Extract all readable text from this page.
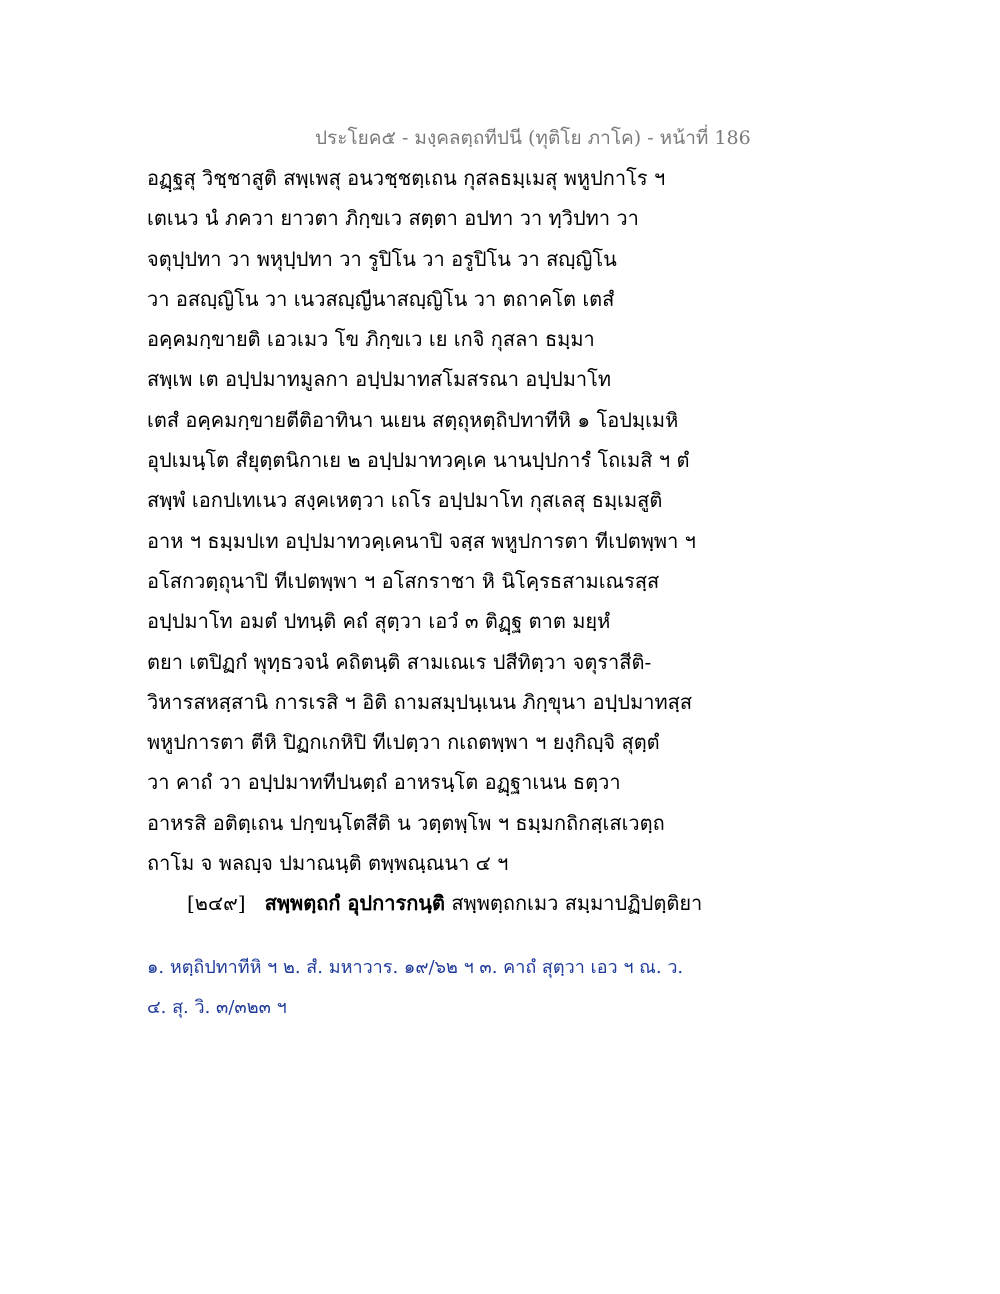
ประโยค๕ - มงฺคลตฺถทีปนี (ทุติโย ภาโค) - หน้าที่ 186
อฏฺฐสุ วิชฺชาสูติ สพฺเพสุ อนวชฺชตฺเถน กุสลธมฺเมสุ พหูปกาโร ฯ
เตเนว นํ ภควา ยาวตา ภิกฺขเว สตฺตา อปทา วา ทฺวิปทา วา
จตุปฺปทา วา พหุปฺปทา วา รูปิโน วา อรูปิโน วา สญฺญิโน
วา อสญฺญิโน วา เนวสญฺญีนาสญฺญิโน วา ตถาคโต เตสํ
อคฺคมกฺขายติ เอวเมว โข ภิกฺขเว เย เกจิ กุสลา ธมฺมา
สพฺเพ เต อปฺปมาทมูลกา อปฺปมาทสโมสรณา อปฺปมาโท
เตสํ อคฺคมกฺขายตีติอาทินา นเยน สตฺถุหตฺถิปทาทีหิ ๑ โอปมฺเมหิ
อุปเมนฺโต สํยุตฺตนิกาเย ๒ อปฺปมาทวคฺเค นานปฺปการํ โถเมสิ ฯ ตํ
สพฺพํ เอกปเทเนว สงฺคเหตฺวา เถโร อปฺปมาโท กุสเลสุ ธมฺเมสูติ
อาห ฯ ธมฺมปเท อปฺปมาทวคฺเคนาปิ จสฺส พหูปการตา ทีเปตพฺพา ฯ
อโสกวตฺถุนาปิ ทีเปตพฺพา ฯ อโสกราชา หิ นิโคฺรธสามเณรสฺส
อปฺปมาโท อมตํ ปทนฺติ คถํ สุตฺวา เอวํ ๓ ติฏฺฐ ตาต มยฺหํ
ตยา เตปิฏกํ พุทฺธวจนํ คถิตนฺติ สามเณเร ปสีทิตฺวา จตุราสีติ-
วิหารสหสฺสานิ การเรสิ ฯ อิติ ถามสมฺปนฺเนน ภิกฺขุนา อปฺปมาทสฺส
พหูปการตา ตีหิ ปิฏกเกหิปิ ทีเปตฺวา กเถตพฺพา ฯ ยงฺกิญฺจิ สุตฺตํ
วา คาถํ วา อปฺปมาททีปนตฺถํ อาหรนฺโต อฏฺฐาเนน ธตฺวา
อาหรสิ อติตฺเถน ปกฺขนฺโตสีติ น วตฺตพฺโพ ฯ ธมฺมกถิกสฺเสเวตฺถ
ถาโม จ พลญฺจ ปมาณนฺติ ตพฺพณฺณนา ๔ ฯ
[๒๔๙] สพฺพตฺถกํ อุปการกนฺติ สพฺพตฺถกเมว สมฺมาปฏิปตฺติยา
๑. หตฺถิปทาทีหิ ฯ ๒. สํ. มหาวาร. ๑๙/๖๒ ฯ ๓. คาถํ สุตฺวา เอว ฯ ณ. ว.
๔. สุ. วิ. ๓/๓๒๓ ฯ
